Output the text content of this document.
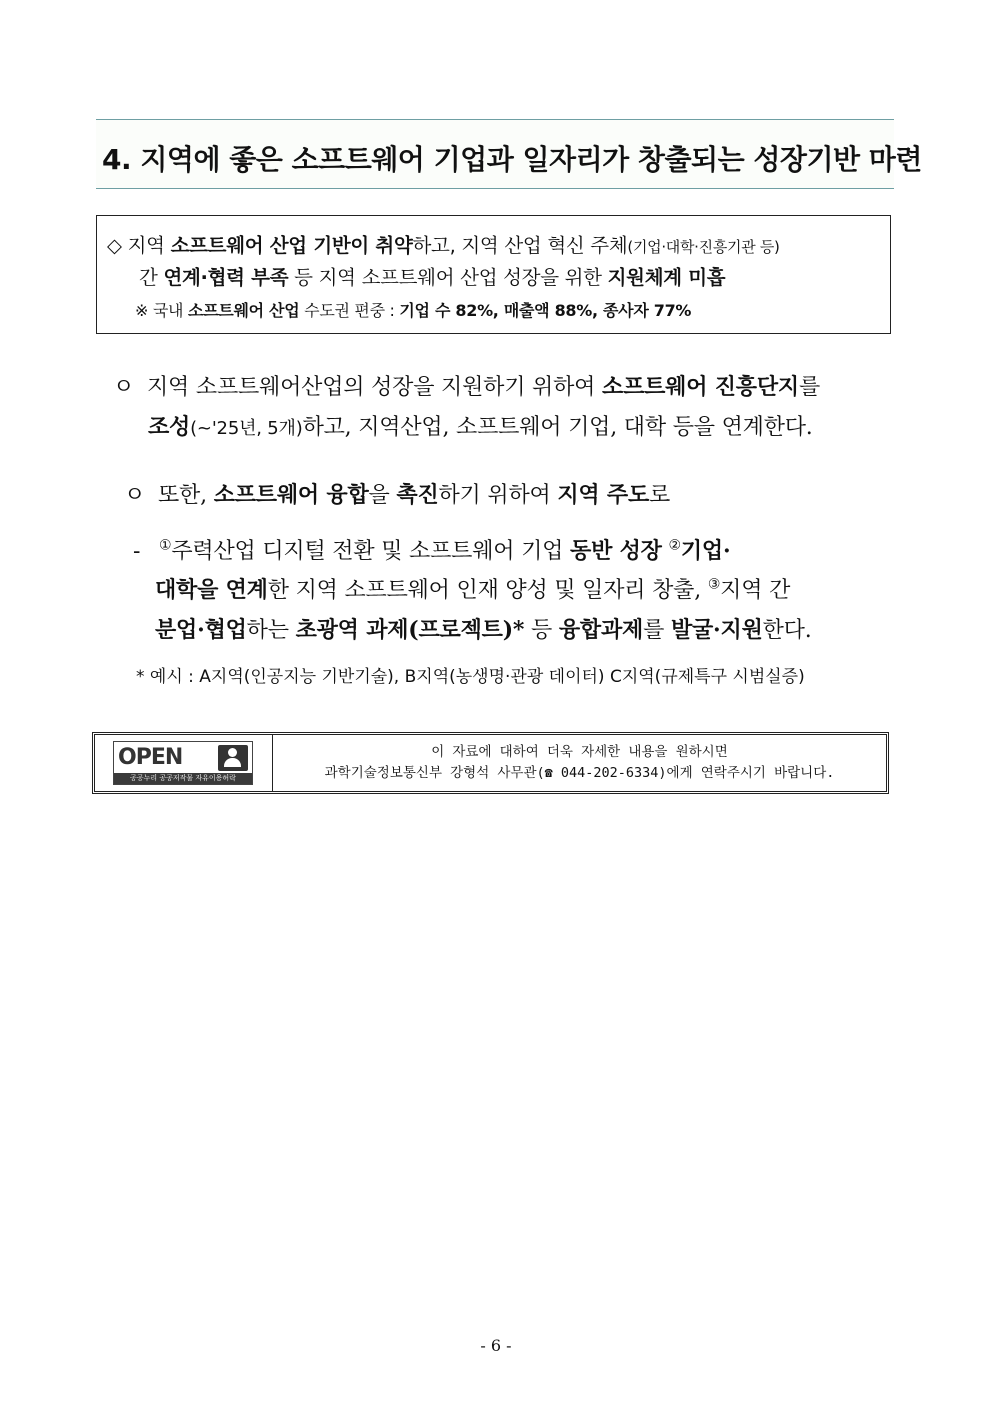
4. 지역에 좋은 소프트웨어 기업과 일자리가 창출되는 성장기반 마련
◇ 지역 소프트웨어 산업 기반이 취약하고, 지역 산업 혁신 주체(기업·대학·진흥기관 등)
간 연계·협력 부족 등 지역 소프트웨어 산업 성장을 위한 지원체계 미흡
※ 국내 소프트웨어 산업 수도권 편중 : 기업 수 82%, 매출액 88%, 종사자 77%
ㅇ 지역 소프트웨어산업의 성장을 지원하기 위하여 소프트웨어 진흥단지를
조성(~'25년, 5개)하고, 지역산업, 소프트웨어 기업, 대학 등을 연계한다.
ㅇ 또한, 소프트웨어 융합을 촉진하기 위하여 지역 주도로
- ①주력산업 디지털 전환 및 소프트웨어 기업 동반 성장 ②기업·
대학을 연계한 지역 소프트웨어 인재 양성 및 일자리 창출, ③지역 간
분업·협업하는 초광역 과제(프로젝트)* 등 융합과제를 발굴·지원한다.
* 예시 : A지역(인공지능 기반기술), B지역(농생명·관광 데이터) C지역(규제특구 시범실증)
OPEN
공공누리 공공저작물 자유이용허락
이 자료에 대하여 더욱 자세한 내용을 원하시면
과학기술정보통신부 강형석 사무관(☎ 044-202-6334)에게 연락주시기 바랍니다.
- 6 -
